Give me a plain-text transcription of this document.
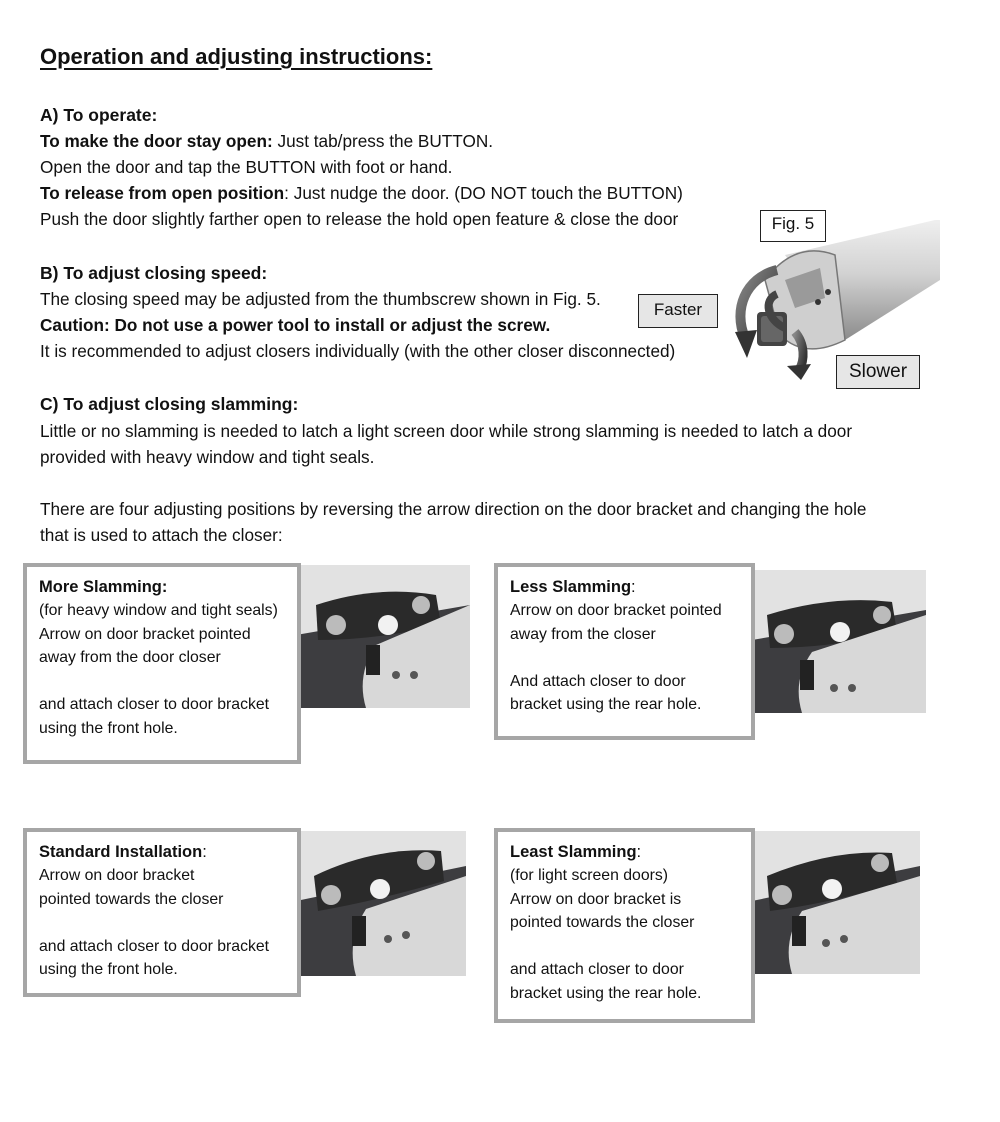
Operation and adjusting instructions:
A) To operate:
To make the door stay open: Just tab/press the BUTTON.
Open the door and tap the BUTTON with foot or hand.
To release from open position: Just nudge the door. (DO NOT touch the BUTTON)
Push the door slightly farther open to release the hold open feature & close the door
B) To adjust closing speed:
The closing speed may be adjusted from the thumbscrew shown in Fig. 5.
Caution: Do not use a power tool to install or adjust the screw.
It is recommended to adjust closers individually (with the other closer disconnected)
Fig. 5
Faster
Slower
C) To adjust closing slamming:
Little or no slamming is needed to latch a light screen door while strong slamming is needed to latch a door
provided with heavy window and tight seals.
There are four adjusting positions by reversing the arrow direction on the door bracket and changing the hole
that is used to attach the closer:
More Slamming:
(for heavy window and tight seals)
Arrow on door bracket pointed
away from the door closer
and attach closer to door bracket
using the front hole.
Less Slamming:
Arrow on door bracket pointed
away from the closer
And attach closer to door
bracket using the rear hole.
Standard Installation:
Arrow on door bracket
pointed towards the closer
and attach closer to door bracket
using the front hole.
Least Slamming:
(for light screen doors)
Arrow on door bracket is
pointed towards the closer
and attach closer to door
bracket using the rear hole.
